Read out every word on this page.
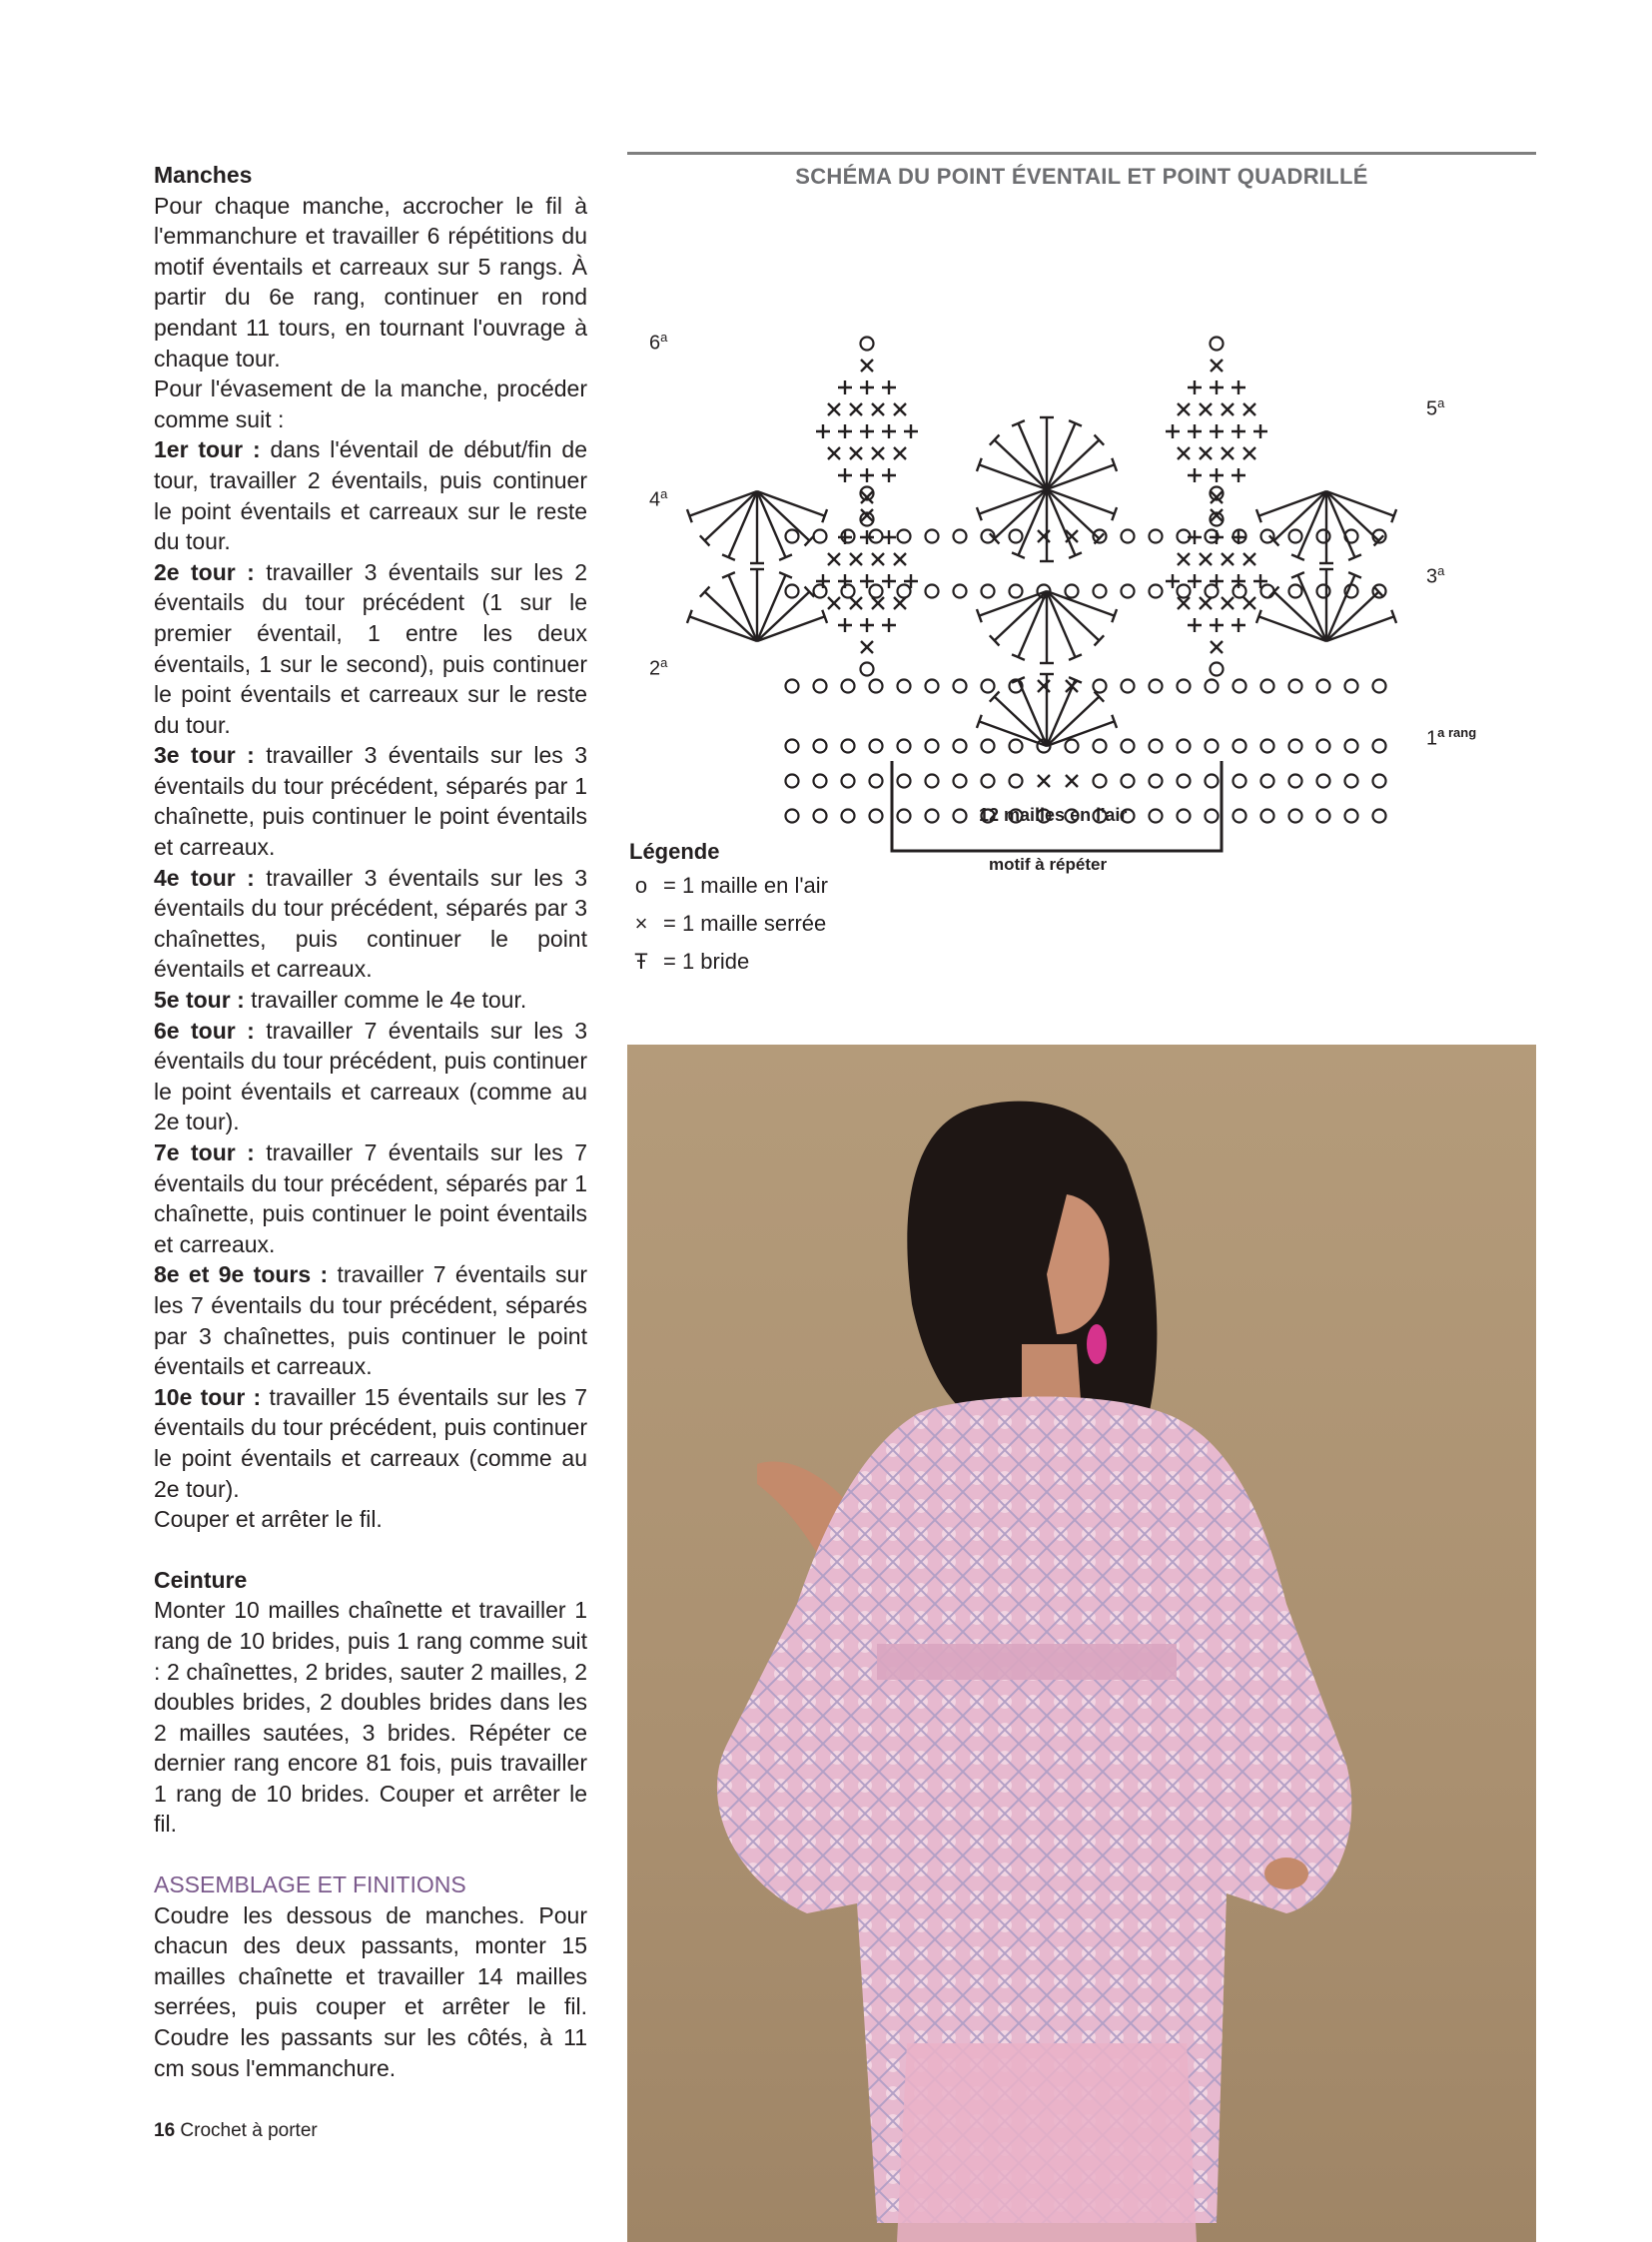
Manches

Pour chaque manche, accrocher le fil à l'emmanchure et travailler 6 répétitions du motif éventails et carreaux sur 5 rangs. À partir du 6e rang, continuer en rond pendant 11 tours, en tournant l'ouvrage à chaque tour.

Pour l'évasement de la manche, procéder comme suit :

1er tour : dans l'éventail de début/fin de tour, travailler 2 éventails, puis continuer le point éventails et carreaux sur le reste du tour.

2e tour : travailler 3 éventails sur les 2 éventails du tour précédent (1 sur le premier éventail, 1 entre les deux éventails, 1 sur le second), puis continuer le point éventails et carreaux sur le reste du tour.

3e tour : travailler 3 éventails sur les 3 éventails du tour précédent, séparés par 1 chaînette, puis continuer le point éventails et carreaux.

4e tour : travailler 3 éventails sur les 3 éventails du tour précédent, séparés par 3 chaînettes, puis continuer le point éventails et carreaux.

5e tour : travailler comme le 4e tour.

6e tour : travailler 7 éventails sur les 3 éventails du tour précédent, puis continuer le point éventails et carreaux (comme au 2e tour).

7e tour : travailler 7 éventails sur les 7 éventails du tour précédent, séparés par 1 chaînette, puis continuer le point éventails et carreaux.

8e et 9e tours : travailler 7 éventails sur les 7 éventails du tour précédent, séparés par 3 chaînettes, puis continuer le point éventails et carreaux.

10e tour : travailler 15 éventails sur les 7 éventails du tour précédent, puis continuer le point éventails et carreaux (comme au 2e tour).

Couper et arrêter le fil.

Ceinture

Monter 10 mailles chaînette et travailler 1 rang de 10 brides, puis 1 rang comme suit : 2 chaînettes, 2 brides, sauter 2 mailles, 2 doubles brides, 2 doubles brides dans les 2 mailles sautées, 3 brides. Répéter ce dernier rang encore 81 fois, puis travailler 1 rang de 10 brides. Couper et arrêter le fil.

ASSEMBLAGE ET FINITIONS

Coudre les dessous de manches. Pour chacun des deux passants, monter 15 mailles chaînette et travailler 14 mailles serrées, puis couper et arrêter le fil. Coudre les passants sur les côtés, à 11 cm sous l'emmanchure.

16 Crochet à porter
SCHÉMA DU POINT ÉVENTAIL ET POINT QUADRILLÉ
6$^a$
5$^a$
4$^a$
3$^a$
2$^a$
$1^{a rang}$
12 mailles en l'air
motif à répéter
Légende
o = 1 maille en l'air
× = 1 maille serrée
Ŧ = 1 bride
